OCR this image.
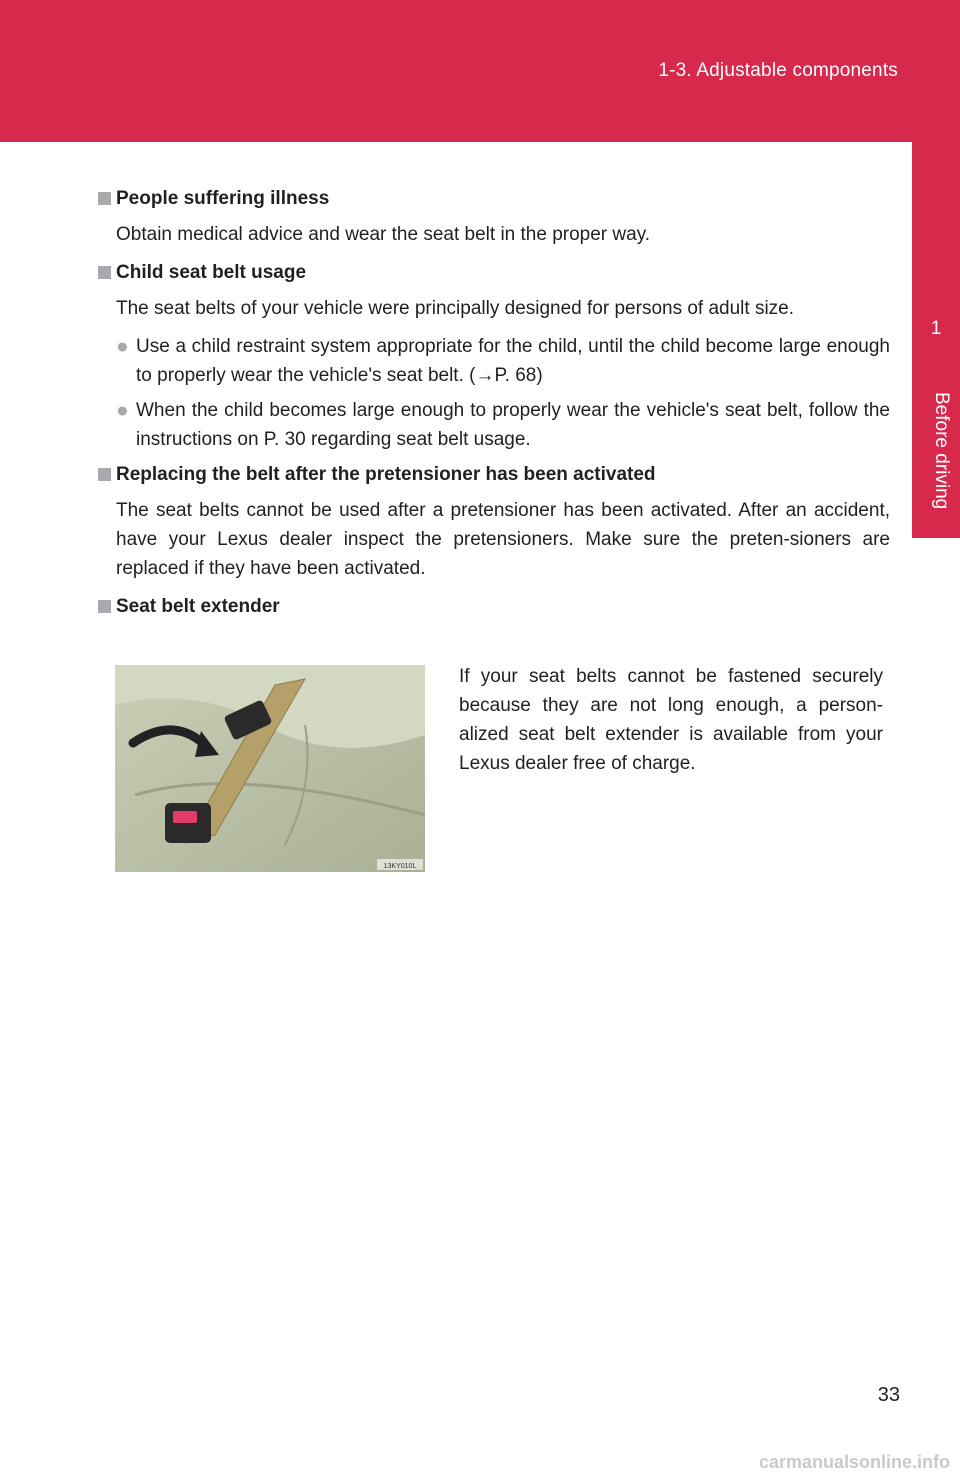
1-3. Adjustable components
1
Before driving

People suffering illness

Obtain medical advice and wear the seat belt in the proper way.

Child seat belt usage

The seat belts of your vehicle were principally designed for persons of adult size.

● Use a child restraint system appropriate for the child, until the child become large enough to properly wear the vehicle's seat belt. (→P. 68)
● When the child becomes large enough to properly wear the vehicle's seat belt, follow the instructions on P. 30 regarding seat belt usage.

Replacing the belt after the pretensioner has been activated

The seat belts cannot be used after a pretensioner has been activated. After an accident, have your Lexus dealer inspect the pretensioners. Make sure the preten-sioners are replaced if they have been activated.

Seat belt extender

13KY010L
If your seat belts cannot be fastened securely because they are not long enough, a person-alized seat belt extender is available from your Lexus dealer free of charge.
33
carmanualsonline.info
